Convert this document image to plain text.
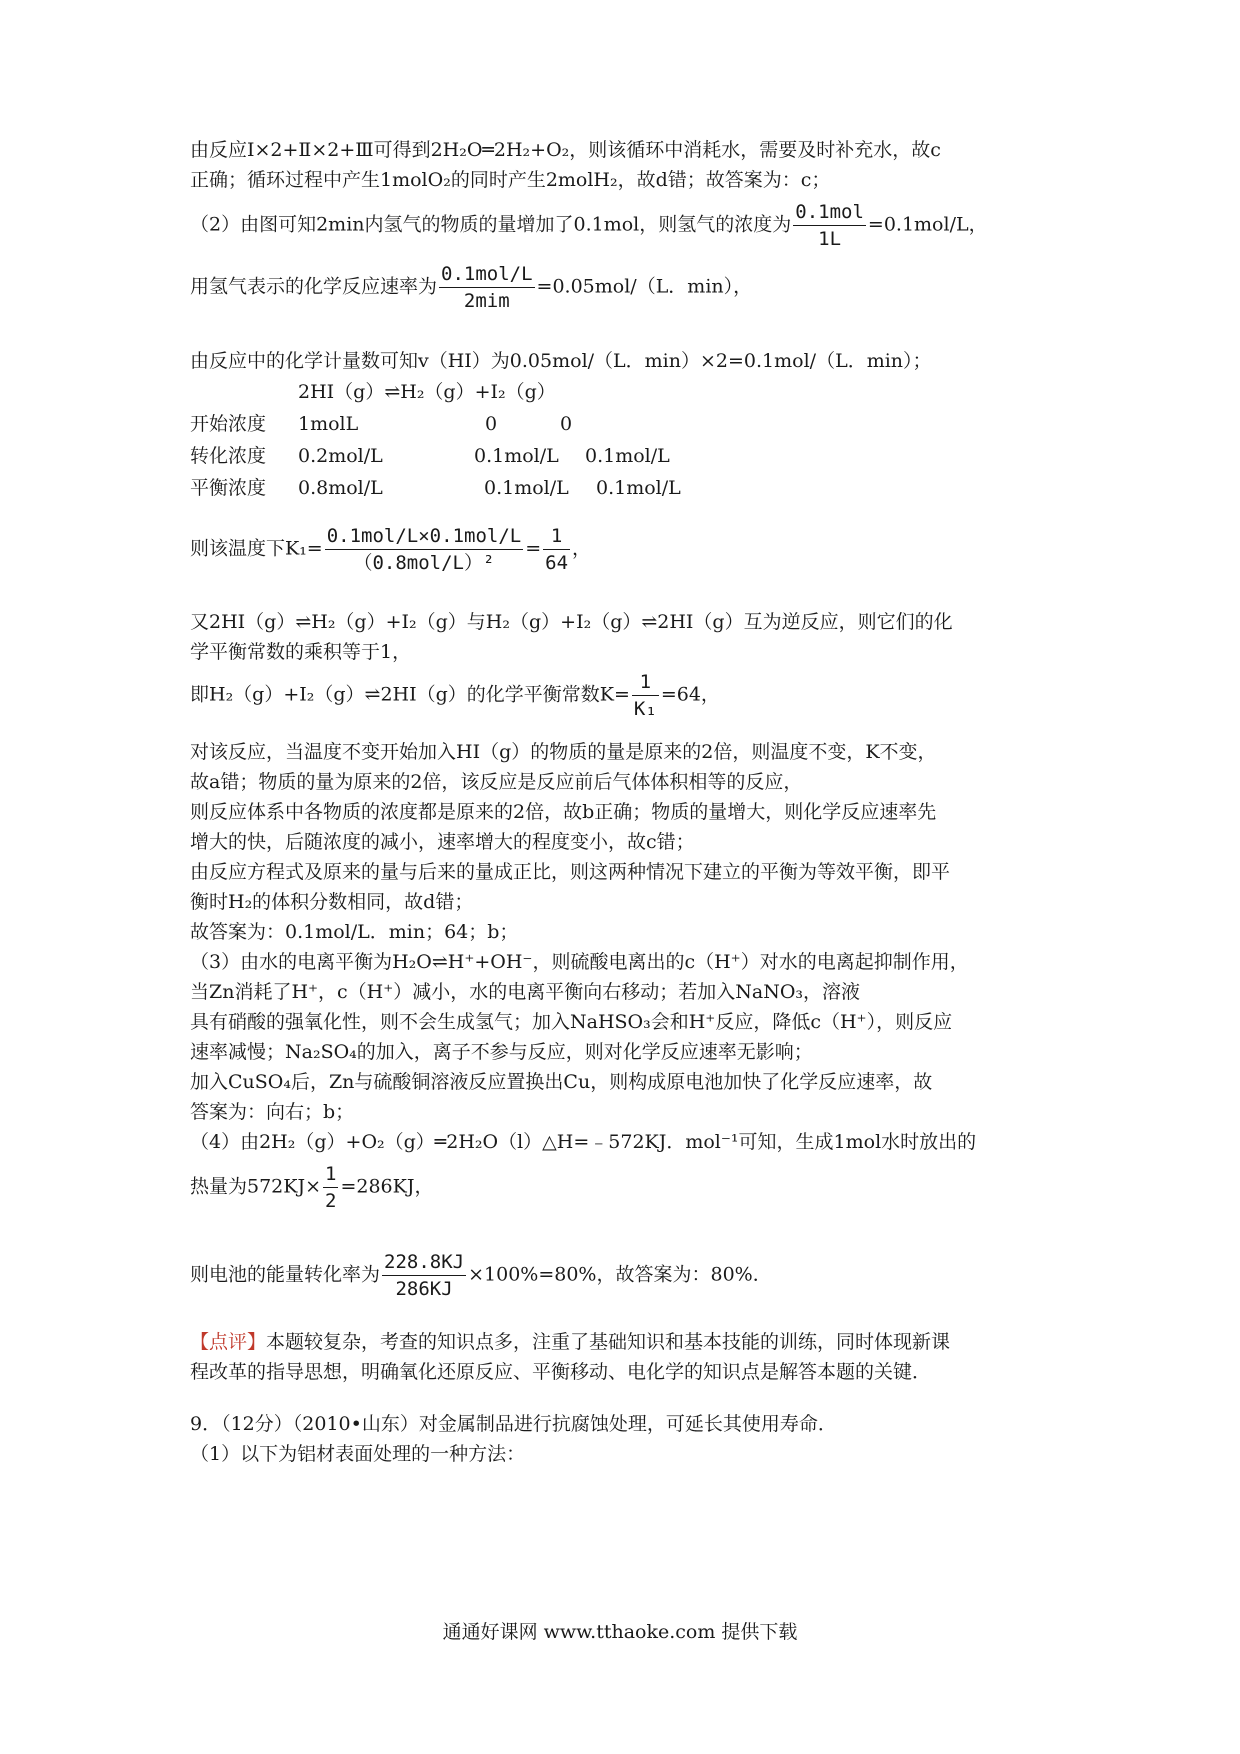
由反应Ⅰ×2+Ⅱ×2+Ⅲ可得到2H₂O═2H₂+O₂，则该循环中消耗水，需要及时补充水，故c
正确；循环过程中产生1molO₂的同时产生2molH₂，故d错；故答案为：c；
（2）由图可知2min内氢气的物质的量增加了0.1mol，则氢气的浓度为 $\frac{\text{0.1mol}}{1L} =0.1mol/L$，
用氢气表示的化学反应速率为 $\frac{\text{0.1mol/L}}{\text{2mim}} =0.05mol/(L$．min），
由反应中的化学计量数可知v（HI）为0.05mol/（L．min）×2=0.1mol/（L．min）；
2HI（g）⇌H₂（g）+I₂（g）
开始浓度 1molL	0	0
转化浓度 0.2mol/L	0.1mol/L 0.1mol/L
平衡浓度 0.8mol/L	0.1mol/L 0.1mol/L
则该温度下$K_1= \frac{\text{0.1mol/L×0.1mol/L}}{\text{（0.8mol/L）²}} = \frac{1}{64}$ ，
又2HI（g）⇌H₂（g）+I₂（g）与H₂（g）+I₂（g）⇌2HI（g）互为逆反应，则它们的化
学平衡常数的乘积等于1，
即H₂（g）+I₂（g）⇌2HI（g）的化学平衡常数$K= \frac{1}{\text{K₁}} =64$，
对该反应，当温度不变开始加入HI（g）的物质的量是原来的2倍，则温度不变，K不变，
故a错；物质的量为原来的2倍，该反应是反应前后气体体积相等的反应，
则反应体系中各物质的浓度都是原来的2倍，故b正确；物质的量增大，则化学反应速率先
增大的快，后随浓度的减小，速率增大的程度变小，故c错；
由反应方程式及原来的量与后来的量成正比，则这两种情况下建立的平衡为等效平衡，即平
衡时H₂的体积分数相同，故d错；
故答案为：0.1mol/L．min；64；b；
（3）由水的电离平衡为H₂O⇌H⁺+OH⁻，则硫酸电离出的c（H⁺）对水的电离起抑制作用，
当Zn消耗了H⁺，c（H⁺）减小，水的电离平衡向右移动；若加入NaNO₃，溶液
具有硝酸的强氧化性，则不会生成氢气；加入NaHSO₃会和H⁺反应，降低c（H⁺），则反应
速率减慢；Na₂SO₄的加入，离子不参与反应，则对化学反应速率无影响；
加入CuSO₄后，Zn与硫酸铜溶液反应置换出Cu，则构成原电池加快了化学反应速率，故
答案为：向右；b；
（4）由2H₂（g）+O₂（g）═2H₂O（l）△H=﹣572KJ．mol⁻¹可知，生成1mol水时放出的
热量为$572KJ\times \frac{1}{2} =286KJ$，
则电池的能量转化率为 $\frac{228.8KJ}{286KJ} \times 100\%=80\%$，故答案为：80%．
【点评】本题较复杂，考查的知识点多，注重了基础知识和基本技能的训练，同时体现新课
程改革的指导思想，明确氧化还原反应、平衡移动、电化学的知识点是解答本题的关键．
9．（12分）（2010•山东）对金属制品进行抗腐蚀处理，可延长其使用寿命．
（1）以下为铝材表面处理的一种方法：
通通好课网 www.tthaoke.com 提供下载
